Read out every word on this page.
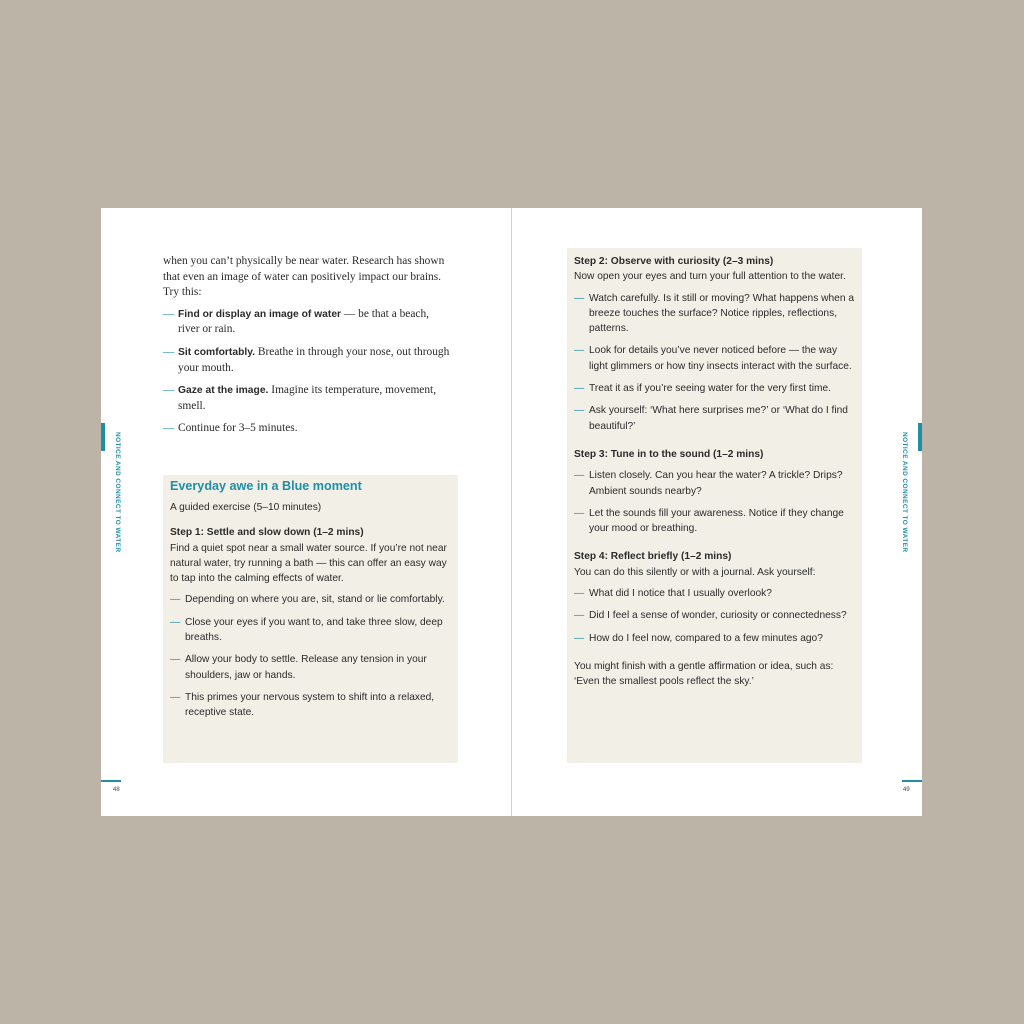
NOTICE AND CONNECT TO WATER
48
NOTICE AND CONNECT TO WATER
49

when you can’t physically be near water. Research has shown that even an image of water can positively impact our brains. Try this:

— Find or display an image of water — be that a beach, river or rain.
— Sit comfortably. Breathe in through your nose, out through your mouth.
— Gaze at the image. Imagine its temperature, movement, smell.
— Continue for 3–5 minutes.
Everyday awe in a Blue moment

A guided exercise (5–10 minutes)

Step 1: Settle and slow down (1–2 mins)

Find a quiet spot near a small water source. If you’re not near natural water, try running a bath — this can offer an easy way to tap into the calming effects of water.

— Depending on where you are, sit, stand or lie comfortably.
— Close your eyes if you want to, and take three slow, deep breaths.
— Allow your body to settle. Release any tension in your shoulders, jaw or hands.
— This primes your nervous system to shift into a relaxed, receptive state.

Step 2: Observe with curiosity (2–3 mins)

Now open your eyes and turn your full attention to the water.

— Watch carefully. Is it still or moving? What happens when a breeze touches the surface? Notice ripples, reflections, patterns.
— Look for details you’ve never noticed before — the way light glimmers or how tiny insects interact with the surface.
— Treat it as if you’re seeing water for the very first time.
— Ask yourself: ‘What here surprises me?’ or ‘What do I find beautiful?’

Step 3: Tune in to the sound (1–2 mins)

— Listen closely. Can you hear the water? A trickle? Drips? Ambient sounds nearby?
— Let the sounds fill your awareness. Notice if they change your mood or breathing.

Step 4: Reflect briefly (1–2 mins)

You can do this silently or with a journal. Ask yourself:

— What did I notice that I usually overlook?
— Did I feel a sense of wonder, curiosity or connectedness?
— How do I feel now, compared to a few minutes ago?

You might finish with a gentle affirmation or idea, such as: ‘Even the smallest pools reflect the sky.’
